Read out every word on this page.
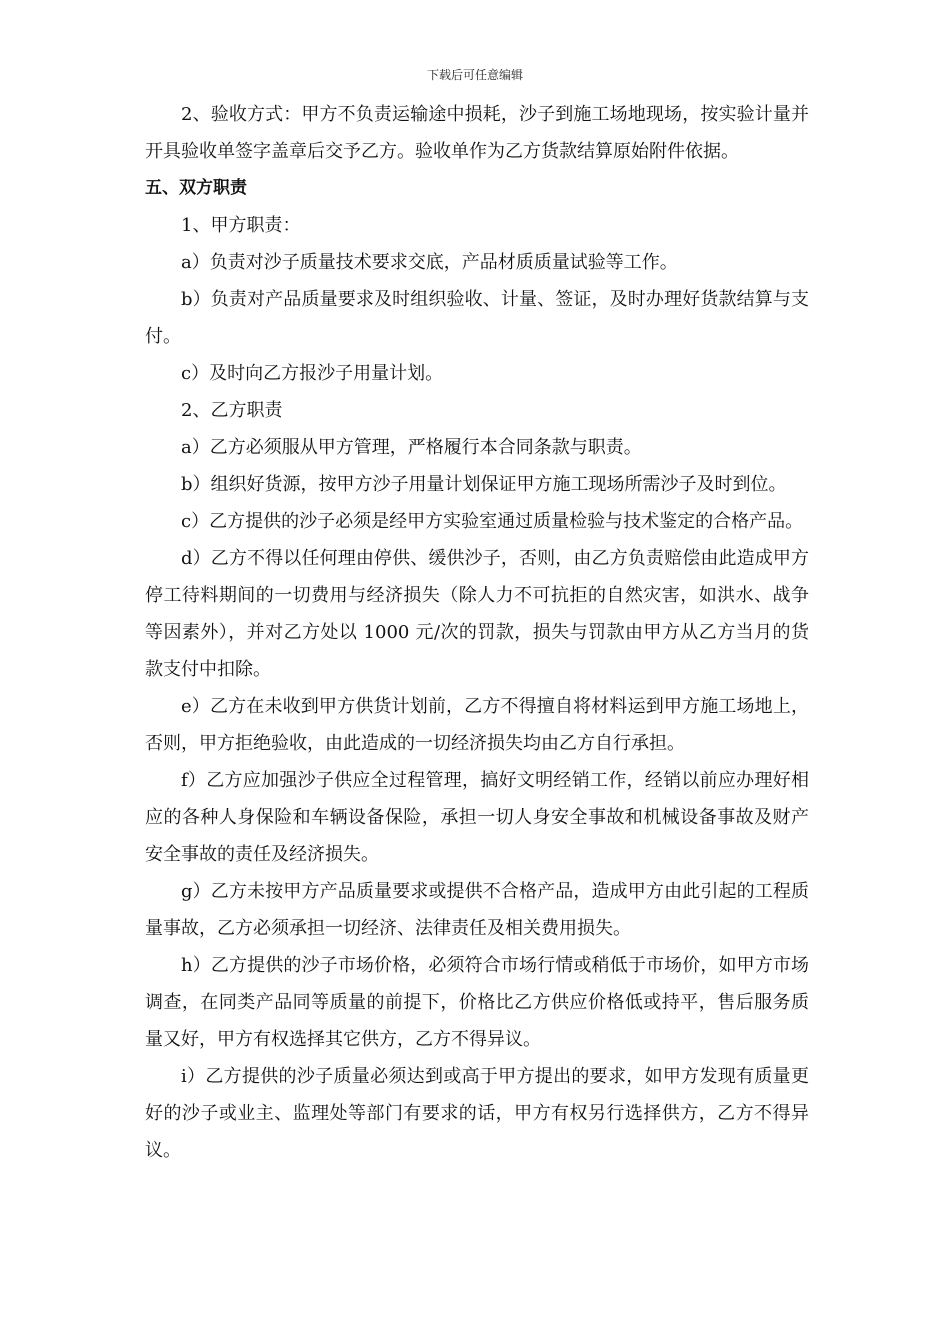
下载后可任意编辑

2、验收方式：甲方不负责运输途中损耗，沙子到施工场地现场，按实验计量并开具验收单签字盖章后交予乙方。验收单作为乙方货款结算原始附件依据。

五、双方职责

1、甲方职责：

a）负责对沙子质量技术要求交底，产品材质质量试验等工作。

b）负责对产品质量要求及时组织验收、计量、签证，及时办理好货款结算与支付。

c）及时向乙方报沙子用量计划。

2、乙方职责

a）乙方必须服从甲方管理，严格履行本合同条款与职责。

b）组织好货源，按甲方沙子用量计划保证甲方施工现场所需沙子及时到位。

c）乙方提供的沙子必须是经甲方实验室通过质量检验与技术鉴定的合格产品。

d）乙方不得以任何理由停供、缓供沙子，否则，由乙方负责赔偿由此造成甲方停工待料期间的一切费用与经济损失（除人力不可抗拒的自然灾害，如洪水、战争等因素外），并对乙方处以 1000 元/次的罚款，损失与罚款由甲方从乙方当月的货款支付中扣除。

e）乙方在未收到甲方供货计划前，乙方不得擅自将材料运到甲方施工场地上，否则，甲方拒绝验收，由此造成的一切经济损失均由乙方自行承担。

f）乙方应加强沙子供应全过程管理，搞好文明经销工作，经销以前应办理好相应的各种人身保险和车辆设备保险，承担一切人身安全事故和机械设备事故及财产安全事故的责任及经济损失。

g）乙方未按甲方产品质量要求或提供不合格产品，造成甲方由此引起的工程质量事故，乙方必须承担一切经济、法律责任及相关费用损失。

h）乙方提供的沙子市场价格，必须符合市场行情或稍低于市场价，如甲方市场调查，在同类产品同等质量的前提下，价格比乙方供应价格低或持平，售后服务质量又好，甲方有权选择其它供方，乙方不得异议。

i）乙方提供的沙子质量必须达到或高于甲方提出的要求，如甲方发现有质量更好的沙子或业主、监理处等部门有要求的话，甲方有权另行选择供方，乙方不得异议。
